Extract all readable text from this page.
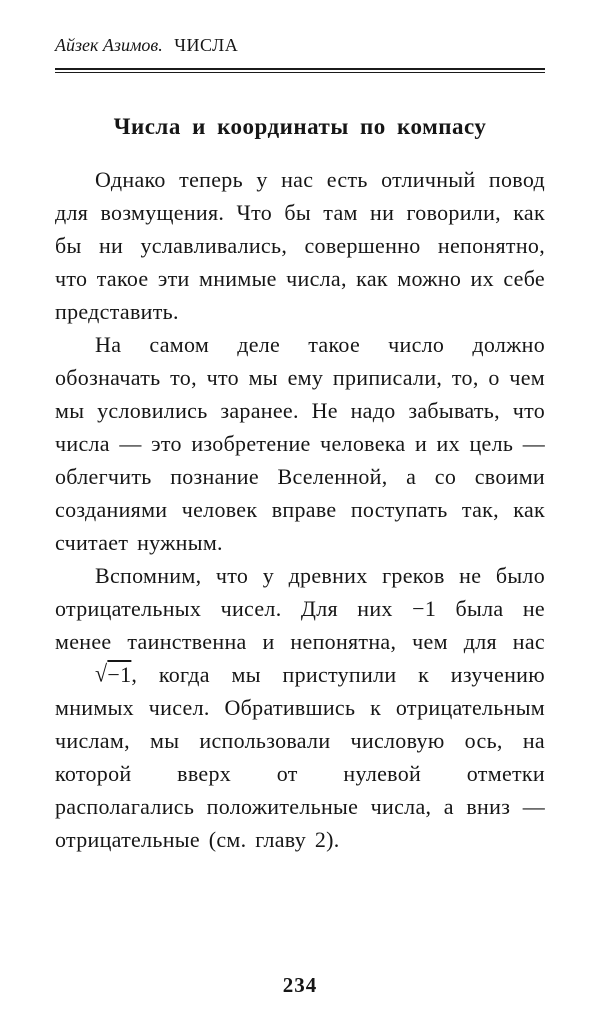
Айзек Азимов. ЧИСЛА
Числа и координаты по компасу

Однако теперь у нас есть отличный повод для возмущения. Что бы там ни говорили, как бы ни уславливались, совершенно непонятно, что такое эти мнимые числа, как можно их себе представить.

На самом деле такое число должно обозначать то, что мы ему приписали, то, о чем мы условились заранее. Не надо забывать, что числа — это изобретение человека и их цель — облегчить познание Вселенной, а со своими созданиями человек вправе поступать так, как считает нужным.

Вспомним, что у древних греков не было отрицательных чисел. Для них −1 была не менее таинственна и непонятна, чем для нас √−1, когда мы приступили к изучению мнимых чисел. Обратившись к отрицательным числам, мы использовали числовую ось, на которой вверх от нулевой отметки располагались положительные числа, а вниз — отрицательные (см. главу 2).

234
